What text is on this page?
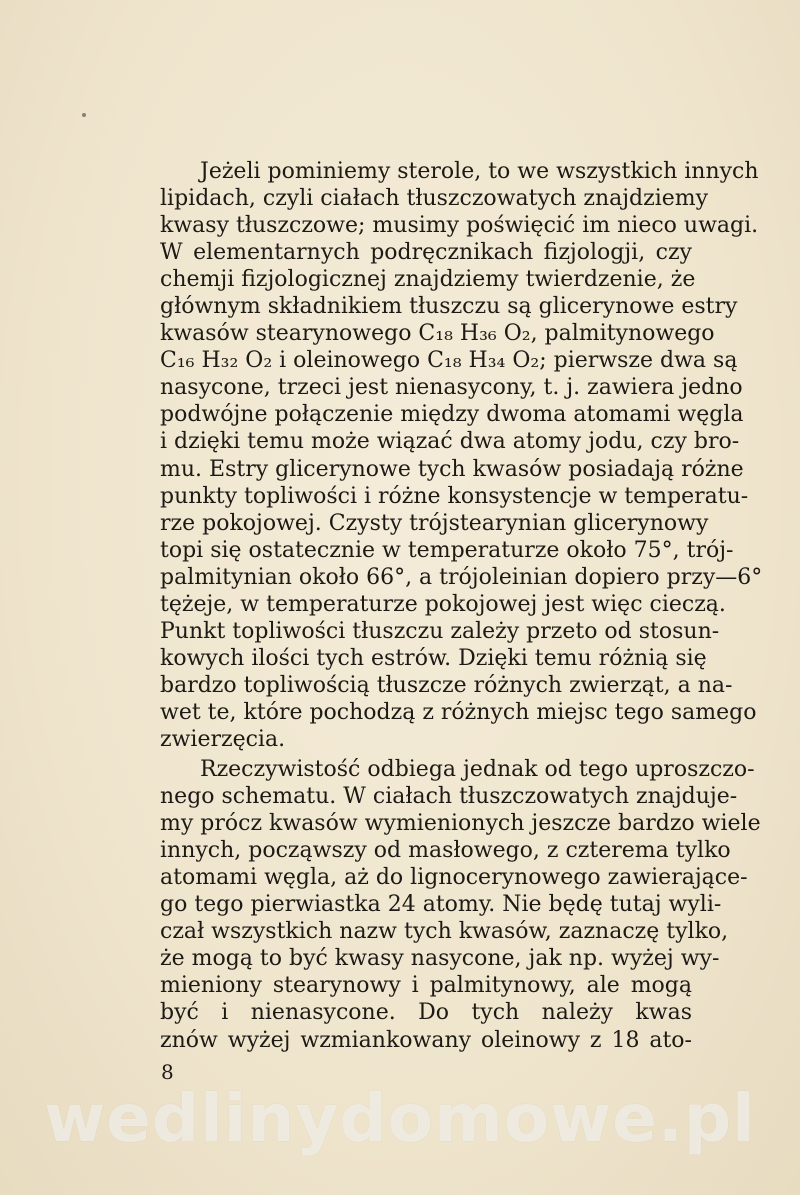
Jeżeli pominiemy sterole, to we wszystkich innych
lipidach, czyli ciałach tłuszczowatych znajdziemy
kwasy tłuszczowe; musimy poświęcić im nieco uwagi.
W elementarnych podręcznikach fizjologji, czy
chemji fizjologicznej znajdziemy twierdzenie, że
głównym składnikiem tłuszczu są glicerynowe estry
kwasów stearynowego C₁₈ H₃₆ O₂, palmitynowego
C₁₆ H₃₂ O₂ i oleinowego C₁₈ H₃₄ O₂; pierwsze dwa są
nasycone, trzeci jest nienasycony, t. j. zawiera jedno
podwójne połączenie między dwoma atomami węgla
i dzięki temu może wiązać dwa atomy jodu, czy bro-
mu. Estry glicerynowe tych kwasów posiadają różne
punkty topliwości i różne konsystencje w temperatu-
rze pokojowej. Czysty trójstearynian glicerynowy
topi się ostatecznie w temperaturze około 75°, trój-
palmitynian około 66°, a trójoleinian dopiero przy—6°
tężeje, w temperaturze pokojowej jest więc cieczą.
Punkt topliwości tłuszczu zależy przeto od stosun-
kowych ilości tych estrów. Dzięki temu różnią się
bardzo topliwością tłuszcze różnych zwierząt, a na-
wet te, które pochodzą z różnych miejsc tego samego
zwierzęcia.
Rzeczywistość odbiega jednak od tego uproszczo-
nego schematu. W ciałach tłuszczowatych znajduje-
my prócz kwasów wymienionych jeszcze bardzo wiele
innych, począwszy od masłowego, z czterema tylko
atomami węgla, aż do lignocerynowego zawierające-
go tego pierwiastka 24 atomy. Nie będę tutaj wyli-
czał wszystkich nazw tych kwasów, zaznaczę tylko,
że mogą to być kwasy nasycone, jak np. wyżej wy-
mieniony stearynowy i palmitynowy, ale mogą
być i nienasycone. Do tych należy kwas
znów wyżej wzmiankowany oleinowy z 18 ato-
8
wedlinydomowe.pl
